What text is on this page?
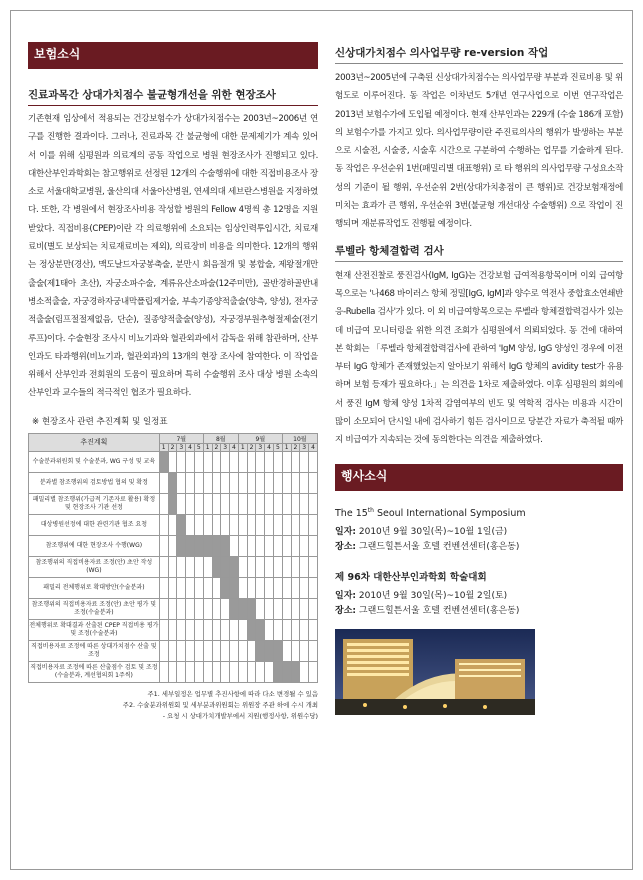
보험소식
진료과목간 상대가치점수 불균형개선을 위한 현장조사

기존현재 임상에서 적용되는 건강보험수가 상대가치점수는 2003년~2006년 연구를 진행한 결과이다. 그러나, 진료과목 간 불균형에 대한 문제제기가 계속 있어서 이를 위해 심평원과 의료계의 공동 작업으로 병원 현장조사가 진행되고 있다. 대한산부인과학회는 참고행위로 선정된 12개의 수술행위에 대한 직접비용조사 장소로 서울대학교병원, 울산의대 서울아산병원, 연세의대 세브란스병원을 지정하였다. 또한, 각 병원에서 현장조사비용 작성할 병원의 Fellow 4명씩 총 12명을 지원 받았다. 직접비용(CPEP)이란 각 의료행위에 소요되는 임상인력투입시간, 치료재료비(별도 보상되는 치료재료비는 제외), 의료장비 비용을 의미한다. 12개의 행위는 정상분만(경산), 맥도날드자궁봉축술, 분만시 회음절개 및 봉합술, 제왕절개만출술(제1태아 초산), 자궁소파수술, 계류유산소파술(12주미만), 골반경하골반내병소적출술, 자궁경하자궁내막폴립제거술, 부속기종양적출술(양측, 양성), 전자궁적출술(림프절절제없음, 단순), 질종양적출술(양성), 자궁경부원추형절제술(전기루프)이다. 수술현장 조사시 비뇨기과와 혈관외과에서 감독을 위해 참관하며, 산부인과도 타과행위(비뇨기과, 혈관외과)의 13개의 현장 조사에 참여한다. 이 작업을 위해서 산부인과 전회원의 도움이 필요하며 특히 수술행위 조사 대상 병원 소속의 산부인과 교수들의 적극적인 협조가 필요하다.

※ 현장조사 관련 추진계획 및 일정표
추진계획	7월					8월				9월					10월			
	1	2	3	4	5	1	2	3	4	1	2	3	4	5	1	2	3	4
수술분과위원회 및 수술분과, WG 구성 및 교육																		
분과별 참조행위의 검토방법 협의 및 확정																		
패밀리별 참조행위(가급적 기존자료 활용) 확정 및 현장조사 기관 선정																		
대상병원선정에 대한 관련기관 협조 요청																		
참조행위에 대한 현장조사 수행(WG)																		
참조행위의 직접비용자료 조정(안) 초안 작성(WG)																		
패밀리 전체행위로 확대방안(수술분과)																		
참조행위의 직접비용자료 조정(안) 초안 평가 및 조정(수술분과)																		
전체행위로 확대결과 산출된 CPEP 직접비용 평가 및 조정(수술분과)																		
직접비용자료 조정에 따른 상대가치점수 산출 및 조정																		
직접비용자료 조정에 따른 산출점수 검토 및 조정(수술분과, 계선협의회 1주씩)																		
주1. 세부일정은 업무별 추진사항에 따라 다소 변경될 수 있음
주2. 수술분과위원회 및 세부분과위원회는 위원장 주관 하에 수시 개최
- 요청 시 상대가치개발부에서 지원(행정사항, 위원수당)
신상대가치점수 의사업무량 re-version 작업

2003년~2005년에 구축된 신상대가치점수는 의사업무량 부분과 진료비용 및 위험도로 이루어진다. 동 작업은 이차년도 5개년 연구사업으로 이번 연구작업은 2013년 보험수가에 도입될 예정이다. 현재 산부인과는 229개 (수술 186개 포함) 의 보험수가를 가지고 있다. 의사업무량이란 주진료의사의 행위가 발생하는 부분으로 시술전, 시술중, 시술후 시간으로 구분하여 수행하는 업무를 기술하게 된다. 동 작업은 우선순위 1번(패밀리별 대표행위) 로 타 행위의 의사업무량 구성요소작성의 기준이 될 행위, 우선순위 2번(상대가치총점이 큰 행위)로 건강보험재정에 미치는 효과가 큰 행위, 우선순위 3번(불균형 개선대상 수술행위) 으로 작업이 진행되며 재분류작업도 진행될 예정이다.

루벨라 항체결합력 검사

현재 산전진찰로 풍진검사(IgM, IgG)는 건강보험 급여적용항목이며 이외 급여항목으로는 '나468 바이러스 항체 정밀[IgG, IgM]과 양수로 역전사 중합효소연쇄반응-Rubella 검사'가 있다. 이 외 비급여항목으로는 루벨라 항체결합력검사가 있는데 비급여 모니터링을 위한 의견 조회가 심평원에서 의뢰되었다. 동 건에 대하여 본 학회는 「루벨라 항체결합력검사에 관하여 'IgM 양성, IgG 양성인 경우에 이전부터 IgG 항체가 존재했었는지 알아보기 위해서 IgG 항체의 avidity test가 유용하며 보험 등재가 필요하다.」는 의견을 1차로 제출하였다. 이후 심평원의 회의에서 풍진 IgM 항체 양성 1차적 감염여부의 빈도 및 역학적 검사는 비용과 시간이 많이 소모되어 단시일 내에 검사하기 힘든 검사이므로 당분간 자료가 축적될 때까지 비급여가 지속되는 것에 동의한다는 의견을 제출하였다.

행사소식
The 15th Seoul International Symposium

일자: 2010년 9월 30일(목)~10월 1일(금)

장소: 그랜드힐튼서울 호텔 컨벤션센터(홍은동)

제 96차 대한산부인과학회 학술대회

일자: 2010년 9월 30일(목)~10월 2일(토)

장소: 그랜드힐튼서울 호텔 컨벤션센터(홍은동)
